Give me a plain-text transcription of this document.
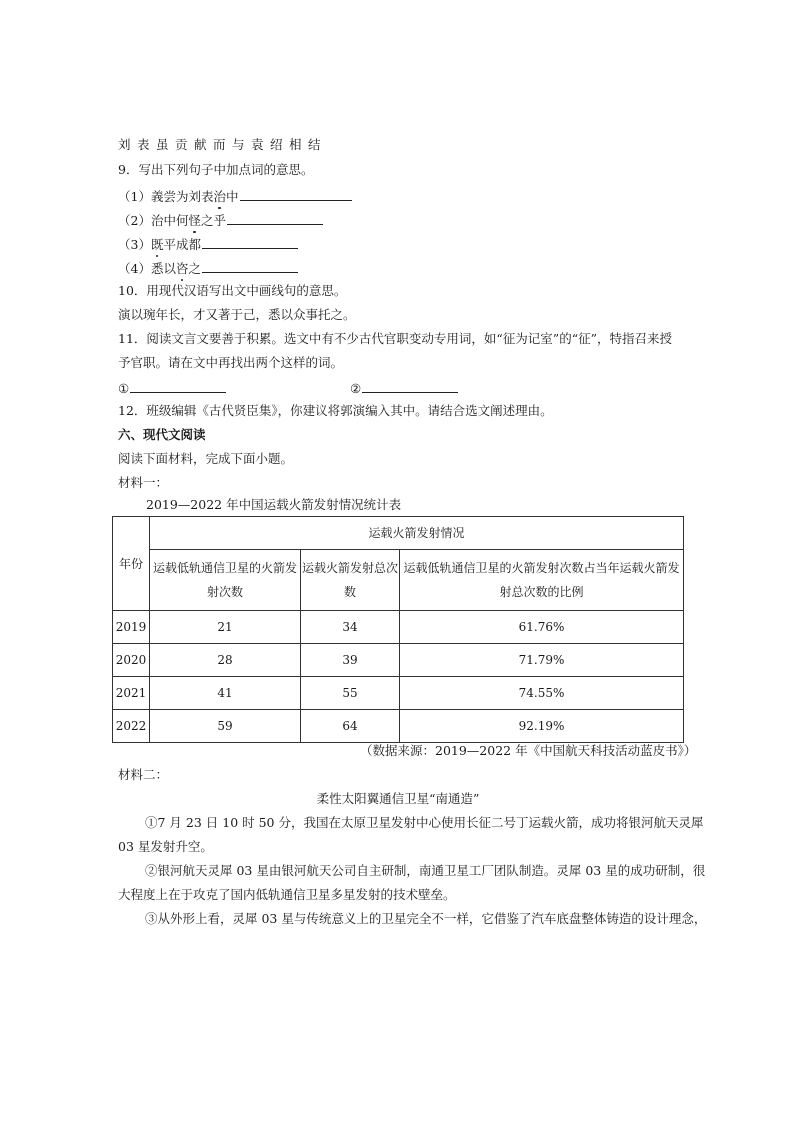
刘表虽贡献而与袁绍相结
9．写出下列句子中加点词的意思。
（1）義尝为刘表治中
（2）治中何怪之乎
（3）既平成都
（4）悉以咨之
10．用现代汉语写出文中画线句的意思。
演以琬年长，才又著于己，悉以众事托之。
11．阅读文言文要善于积累。选文中有不少古代官职变动专用词，如“征为记室”的“征”，特指召来授
予官职。请在文中再找出两个这样的词。
①	②
12．班级编辑《古代贤臣集》，你建议将郭演编入其中。请结合选文阐述理由。
六、现代文阅读
阅读下面材料，完成下面小题。
材料一：
2019—2022 年中国运载火箭发射情况统计表
年份	运载火箭发射情况		
	运载低轨通信卫星的火箭发射次数	运载火箭发射总次数	运载低轨通信卫星的火箭发射次数占当年运载火箭发射总次数的比例
2019	21	34	61.76%
2020	28	39	71.79%
2021	41	55	74.55%
2022	59	64	92.19%
（数据来源：2019—2022 年《中国航天科技活动蓝皮书》）
材料二：
柔性太阳翼通信卫星“南通造”
①7 月 23 日 10 时 50 分，我国在太原卫星发射中心使用长征二号丁运载火箭，成功将银河航天灵犀
03 星发射升空。
②银河航天灵犀 03 星由银河航天公司自主研制，南通卫星工厂团队制造。灵犀 03 星的成功研制，很
大程度上在于攻克了国内低轨通信卫星多星发射的技术壁垒。
③从外形上看，灵犀 03 星与传统意义上的卫星完全不一样，它借鉴了汽车底盘整体铸造的设计理念，
